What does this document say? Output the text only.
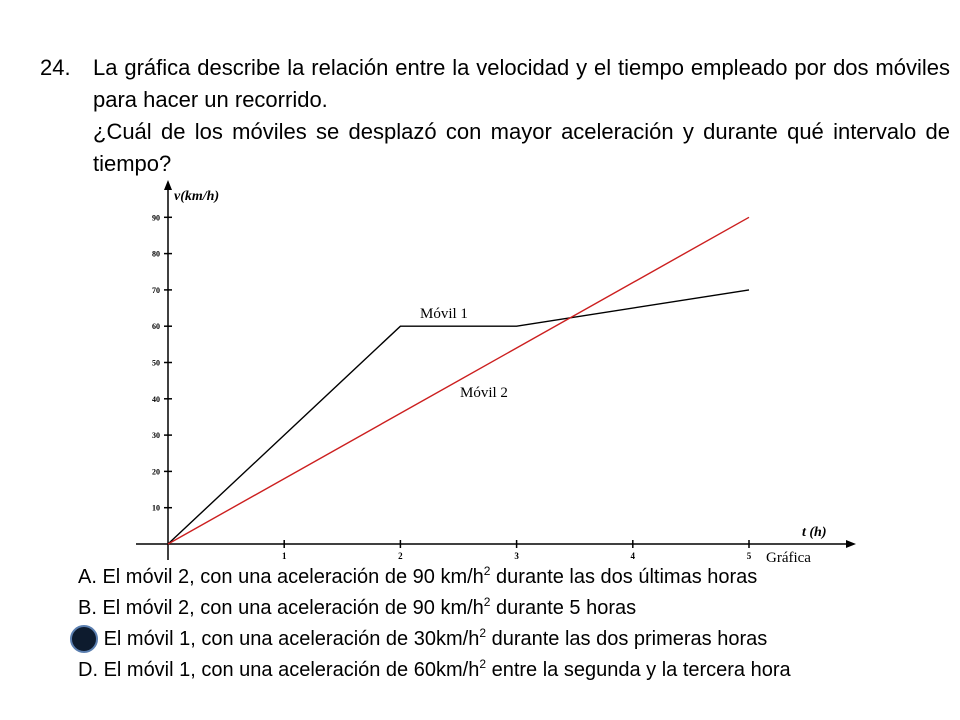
24. La gráfica describe la relación entre la velocidad y el tiempo empleado por dos móviles para hacer un recorrido.

¿Cuál de los móviles se desplazó con mayor aceleración y durante qué intervalo de tiempo?

1	2	3	4	5
10
20
30
40
50
60
70
80
90
v(km/h)
t (h)
Gráfica
Móvil 1
Móvil 2
A. El móvil 2, con una aceleración de 90 $km/h^2$ durante las dos últimas horas
B. El móvil 2, con una aceleración de 90 $km/h^2$ durante 5 horas

El móvil 1, con una aceleración de $30km/h^2$ durante las dos primeras horas
D. El móvil 1, con una aceleración de $60km/h^2$ entre la segunda y la tercera hora
